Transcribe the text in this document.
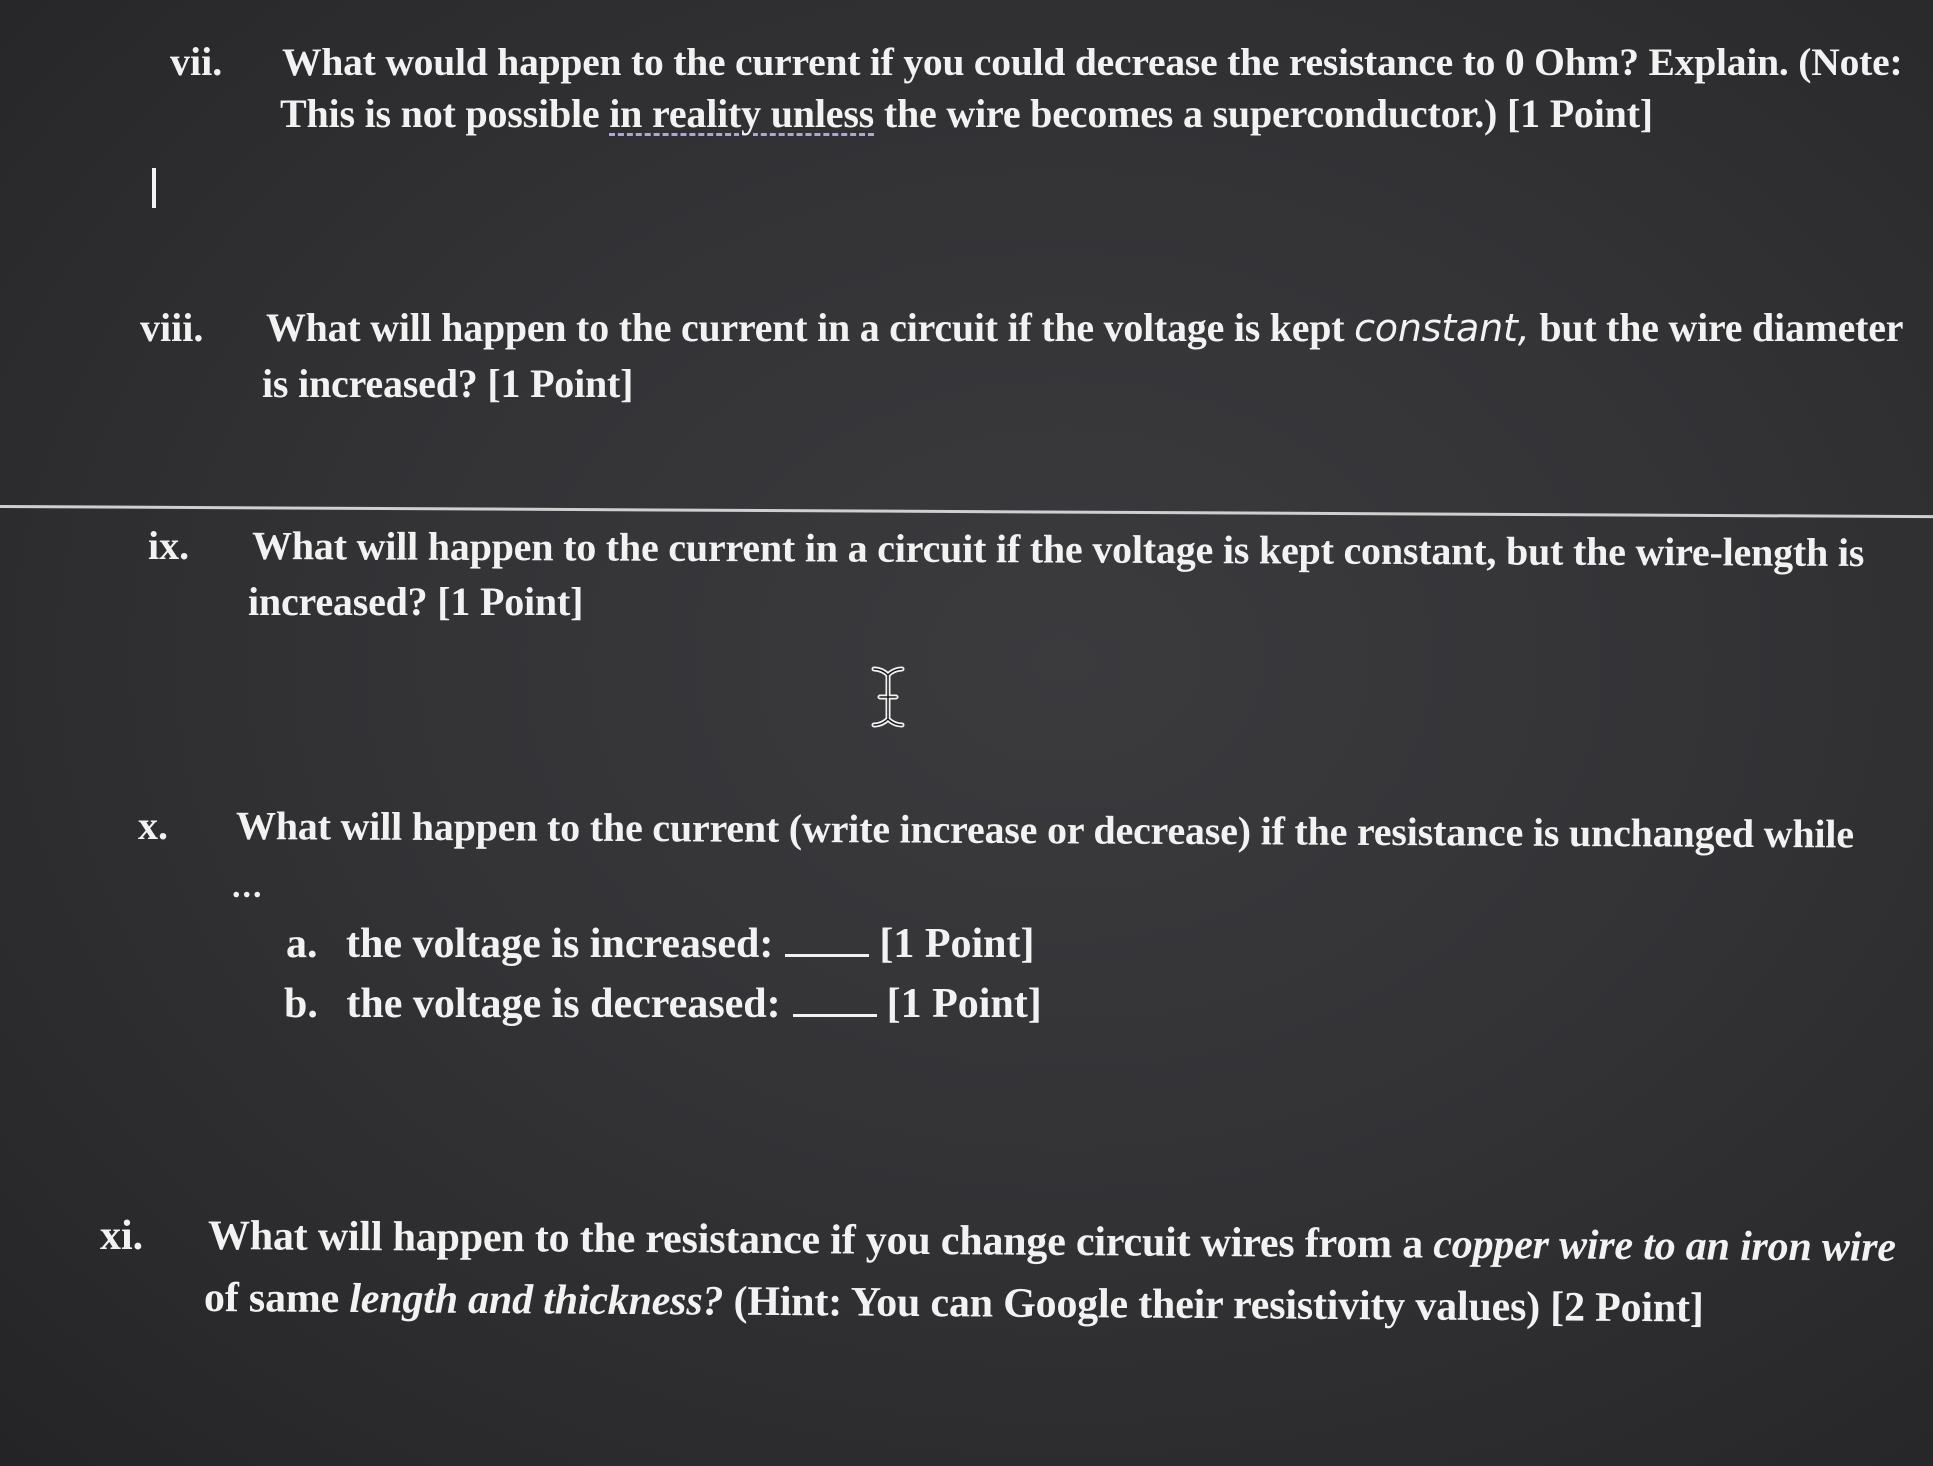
vii. What would happen to the current if you could decrease the resistance to 0 Ohm? Explain. (Note:
This is not possible in reality unless the wire becomes a superconductor.) [1 Point]
viii. What will happen to the current in a circuit if the voltage is kept constant, but the wire diameter
is increased? [1 Point]
ix. What will happen to the current in a circuit if the voltage is kept constant, but the wire-length is
increased? [1 Point]
x. What will happen to the current (write increase or decrease) if the resistance is unchanged while
...
a. the voltage is increased:	[1 Point]
b. the voltage is decreased:	[1 Point]
xi. What will happen to the resistance if you change circuit wires from a copper wire to an iron wire
of same length and thickness? (Hint: You can Google their resistivity values) [2 Point]
